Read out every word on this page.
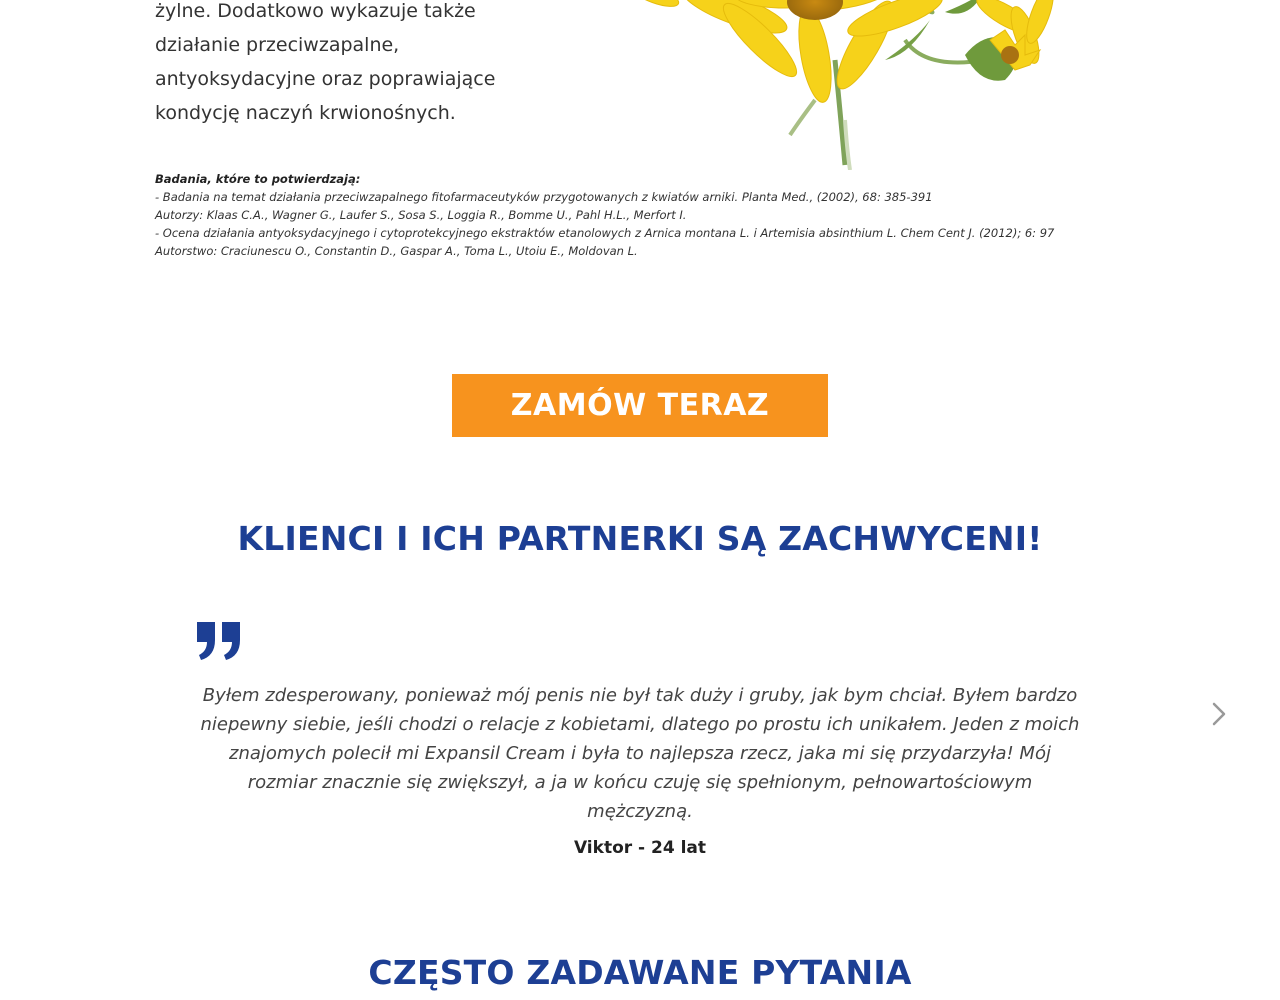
żylne. Dodatkowo wykazuje także
działanie przeciwzapalne,
antyoksydacyjne oraz poprawiające
kondycję naczyń krwionośnych.
Badania, które to potwierdzają:
- Badania na temat działania przeciwzapalnego fitofarmaceutyków przygotowanych z kwiatów arniki. Planta Med., (2002), 68: 385-391
Autorzy: Klaas C.A., Wagner G., Laufer S., Sosa S., Loggia R., Bomme U., Pahl H.L., Merfort I.
- Ocena działania antyoksydacyjnego i cytoprotekcyjnego ekstraktów etanolowych z Arnica montana L. i Artemisia absinthium L. Chem Cent J. (2012); 6: 97
Autorstwo: Craciunescu O., Constantin D., Gaspar A., Toma L., Utoiu E., Moldovan L.
ZAMÓW TERAZ
KLIENCI I ICH PARTNERKI SĄ ZACHWYCENI!
Byłem zdesperowany, ponieważ mój penis nie był tak duży i gruby, jak bym chciał. Byłem bardzo
niepewny siebie, jeśli chodzi o relacje z kobietami, dlatego po prostu ich unikałem. Jeden z moich
znajomych polecił mi Expansil Cream i była to najlepsza rzecz, jaka mi się przydarzyła! Mój
rozmiar znacznie się zwiększył, a ja w końcu czuję się spełnionym, pełnowartościowym
mężczyzną.
Viktor - 24 lat
CZĘSTO ZADAWANE PYTANIA
